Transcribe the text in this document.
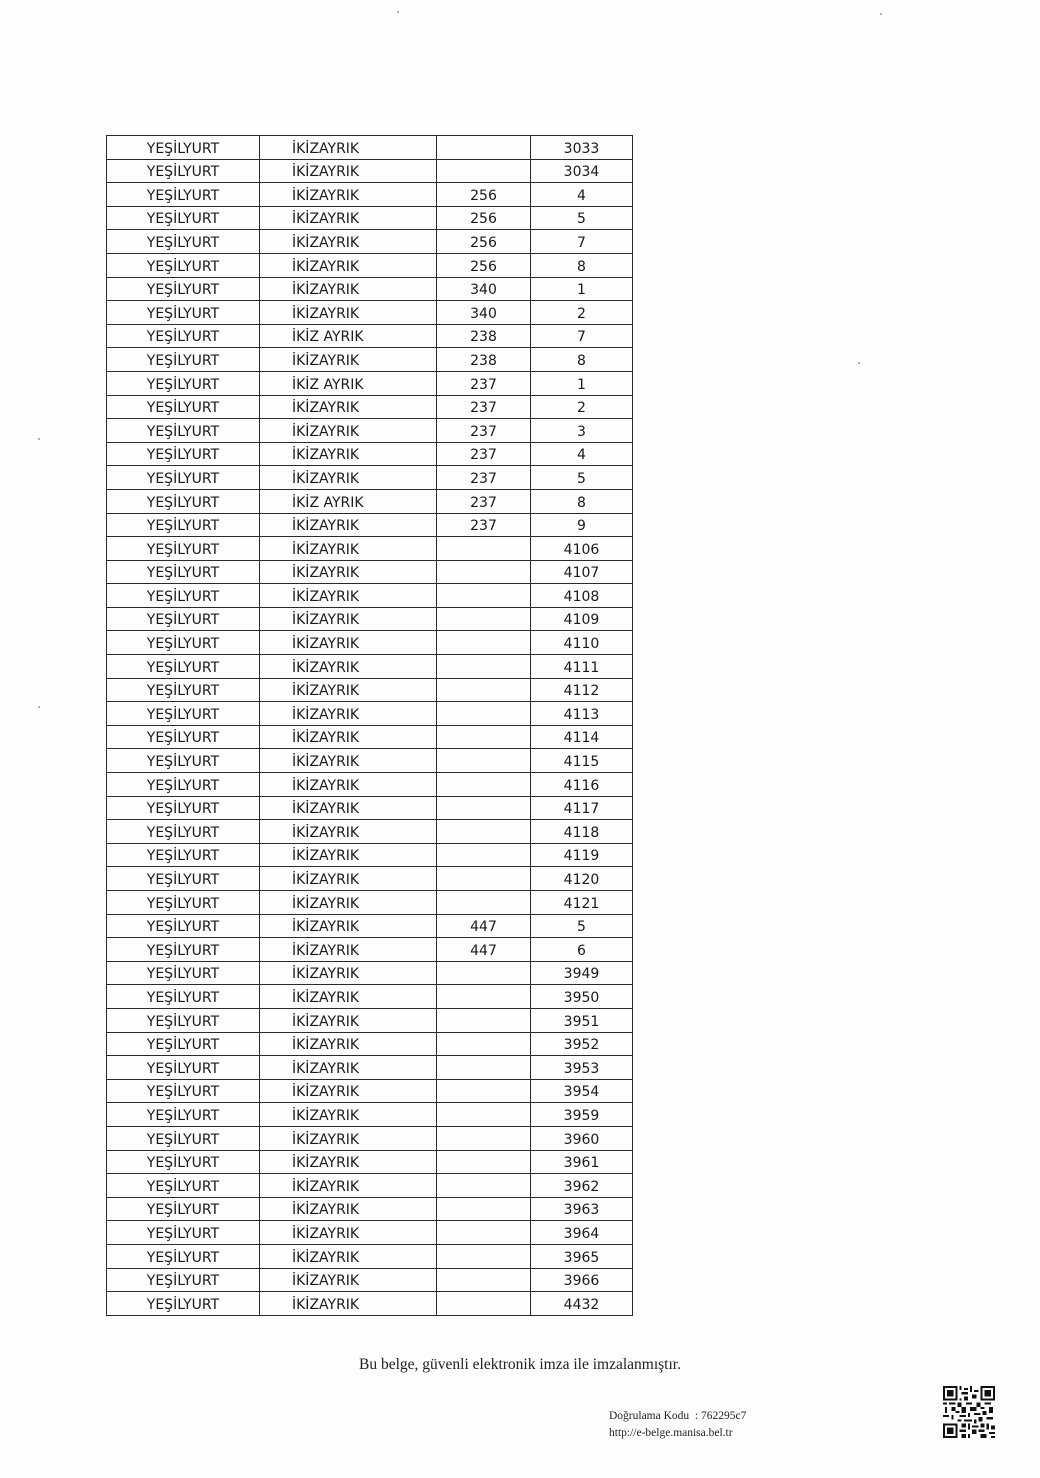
YEŞİLYURT	İKİZAYRIK		3033
YEŞİLYURT	İKİZAYRIK		3034
YEŞİLYURT	İKİZAYRIK	256	4
YEŞİLYURT	İKİZAYRIK	256	5
YEŞİLYURT	İKİZAYRIK	256	7
YEŞİLYURT	İKİZAYRIK	256	8
YEŞİLYURT	İKİZAYRIK	340	1
YEŞİLYURT	İKİZAYRIK	340	2
YEŞİLYURT	İKİZ AYRIK	238	7
YEŞİLYURT	İKİZAYRIK	238	8
YEŞİLYURT	İKİZ AYRIK	237	1
YEŞİLYURT	İKİZAYRIK	237	2
YEŞİLYURT	İKİZAYRIK	237	3
YEŞİLYURT	İKİZAYRIK	237	4
YEŞİLYURT	İKİZAYRIK	237	5
YEŞİLYURT	İKİZ AYRIK	237	8
YEŞİLYURT	İKİZAYRIK	237	9
YEŞİLYURT	İKİZAYRIK		4106
YEŞİLYURT	İKİZAYRIK		4107
YEŞİLYURT	İKİZAYRIK		4108
YEŞİLYURT	İKİZAYRIK		4109
YEŞİLYURT	İKİZAYRIK		4110
YEŞİLYURT	İKİZAYRIK		4111
YEŞİLYURT	İKİZAYRIK		4112
YEŞİLYURT	İKİZAYRIK		4113
YEŞİLYURT	İKİZAYRIK		4114
YEŞİLYURT	İKİZAYRIK		4115
YEŞİLYURT	İKİZAYRIK		4116
YEŞİLYURT	İKİZAYRIK		4117
YEŞİLYURT	İKİZAYRIK		4118
YEŞİLYURT	İKİZAYRIK		4119
YEŞİLYURT	İKİZAYRIK		4120
YEŞİLYURT	İKİZAYRIK		4121
YEŞİLYURT	İKİZAYRIK	447	5
YEŞİLYURT	İKİZAYRIK	447	6
YEŞİLYURT	İKİZAYRIK		3949
YEŞİLYURT	İKİZAYRIK		3950
YEŞİLYURT	İKİZAYRIK		3951
YEŞİLYURT	İKİZAYRIK		3952
YEŞİLYURT	İKİZAYRIK		3953
YEŞİLYURT	İKİZAYRIK		3954
YEŞİLYURT	İKİZAYRIK		3959
YEŞİLYURT	İKİZAYRIK		3960
YEŞİLYURT	İKİZAYRIK		3961
YEŞİLYURT	İKİZAYRIK		3962
YEŞİLYURT	İKİZAYRIK		3963
YEŞİLYURT	İKİZAYRIK		3964
YEŞİLYURT	İKİZAYRIK		3965
YEŞİLYURT	İKİZAYRIK		3966
YEŞİLYURT	İKİZAYRIK		4432
Bu belge, güvenli elektronik imza ile imzalanmıştır.
Doğrulama Kodu  : 762295c7
http://e-belge.manisa.bel.tr
